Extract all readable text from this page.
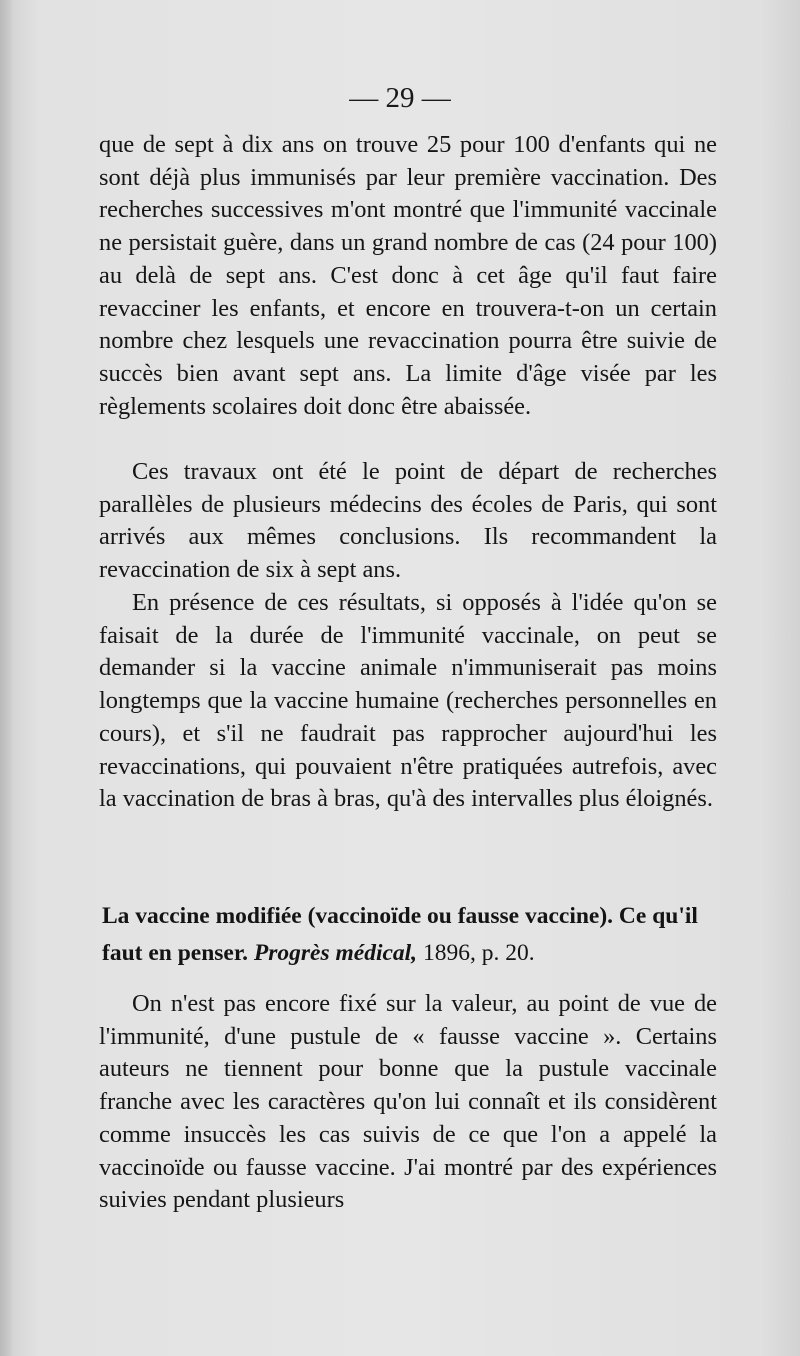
— 29 —

que de sept à dix ans on trouve 25 pour 100 d'enfants qui ne sont déjà plus immunisés par leur première vaccination. Des recherches successives m'ont montré que l'immunité vaccinale ne persistait guère, dans un grand nombre de cas (24 pour 100) au delà de sept ans. C'est donc à cet âge qu'il faut faire revacciner les enfants, et encore en trouvera-t-on un certain nombre chez lesquels une revaccination pourra être suivie de succès bien avant sept ans. La limite d'âge visée par les règlements scolaires doit donc être abaissée.

Ces travaux ont été le point de départ de recherches parallèles de plusieurs médecins des écoles de Paris, qui sont arrivés aux mêmes conclusions. Ils recommandent la revaccination de six à sept ans.

En présence de ces résultats, si opposés à l'idée qu'on se faisait de la durée de l'immunité vaccinale, on peut se demander si la vaccine animale n'immuniserait pas moins longtemps que la vaccine humaine (recherches personnelles en cours), et s'il ne faudrait pas rapprocher aujourd'hui les revaccinations, qui pouvaient n'être pratiquées autrefois, avec la vaccination de bras à bras, qu'à des intervalles plus éloignés.

La vaccine modifiée (vaccinoïde ou fausse vaccine). Ce qu'il faut en penser. Progrès médical, 1896, p. 20.

On n'est pas encore fixé sur la valeur, au point de vue de l'immunité, d'une pustule de « fausse vaccine ». Certains auteurs ne tiennent pour bonne que la pustule vaccinale franche avec les caractères qu'on lui connaît et ils considèrent comme insuccès les cas suivis de ce que l'on a appelé la vaccinoïde ou fausse vaccine. J'ai montré par des expériences suivies pendant plusieurs
